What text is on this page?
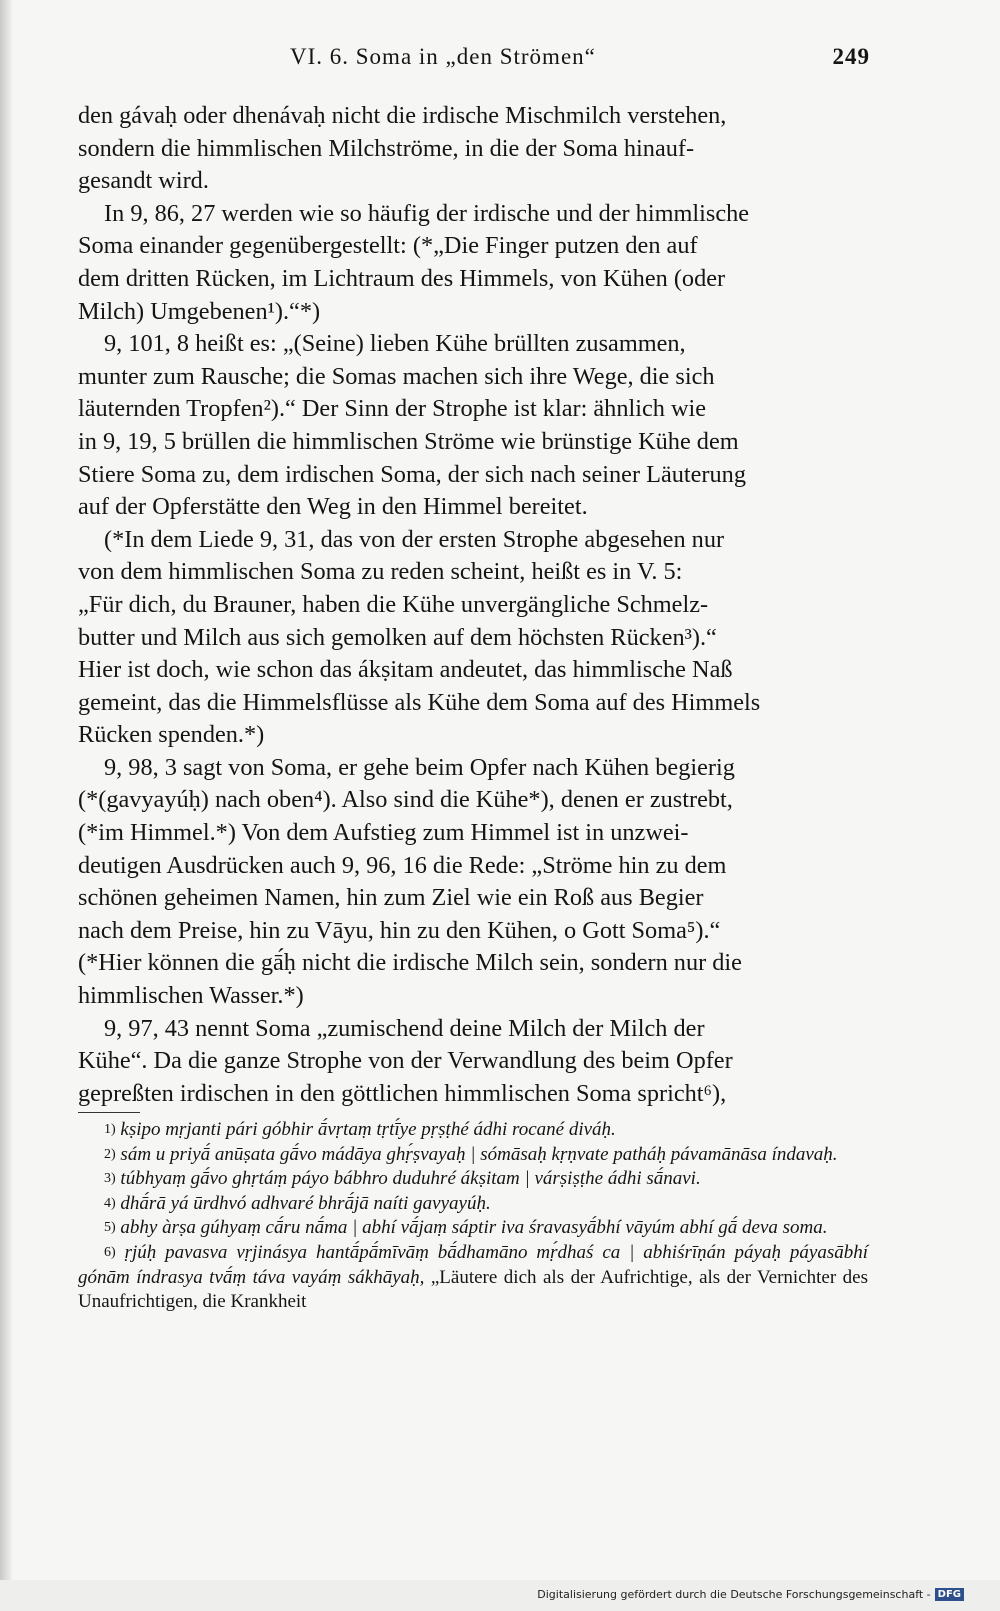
VI. 6. Soma in „den Strömen“	249

den gávaḥ oder dhenávaḥ nicht die irdische Mischmilch verstehen,

sondern die himmlischen Milchströme, in die der Soma hinauf-

gesandt wird.

In 9, 86, 27 werden wie so häufig der irdische und der himmlische

Soma einander gegenübergestellt: (*„Die Finger putzen den auf

dem dritten Rücken, im Lichtraum des Himmels, von Kühen (oder

Milch) Umgebenen¹).“*)

9, 101, 8 heißt es: „(Seine) lieben Kühe brüllten zusammen,

munter zum Rausche; die Somas machen sich ihre Wege, die sich

läuternden Tropfen²).“ Der Sinn der Strophe ist klar: ähnlich wie

in 9, 19, 5 brüllen die himmlischen Ströme wie brünstige Kühe dem

Stiere Soma zu, dem irdischen Soma, der sich nach seiner Läuterung

auf der Opferstätte den Weg in den Himmel bereitet.

(*In dem Liede 9, 31, das von der ersten Strophe abgesehen nur

von dem himmlischen Soma zu reden scheint, heißt es in V. 5:

„Für dich, du Brauner, haben die Kühe unvergängliche Schmelz-

butter und Milch aus sich gemolken auf dem höchsten Rücken³).“

Hier ist doch, wie schon das ákṣitam andeutet, das himmlische Naß

gemeint, das die Himmelsflüsse als Kühe dem Soma auf des Himmels

Rücken spenden.*)

9, 98, 3 sagt von Soma, er gehe beim Opfer nach Kühen begierig

(*(gavyayúḥ) nach oben⁴). Also sind die Kühe*), denen er zustrebt,

(*im Himmel.*) Von dem Aufstieg zum Himmel ist in unzwei-

deutigen Ausdrücken auch 9, 96, 16 die Rede: „Ströme hin zu dem

schönen geheimen Namen, hin zum Ziel wie ein Roß aus Begier

nach dem Preise, hin zu Vāyu, hin zu den Kühen, o Gott Soma⁵).“

(*Hier können die gā́ḥ nicht die irdische Milch sein, sondern nur die

himmlischen Wasser.*)

9, 97, 43 nennt Soma „zumischend deine Milch der Milch der

Kühe“. Da die ganze Strophe von der Verwandlung des beim Opfer

gepreßten irdischen in den göttlichen himmlischen Soma spricht⁶),

$^{1)}$ kṣipo mṛjanti pári góbhir ā́vṛtaṃ tṛtī́ye pṛṣṭhé ádhi rocané diváḥ.

$^{2)}$ sám u priyā́ anūṣata gā́vo mádāya ghṛ́ṣvayaḥ | sómāsaḥ kṛṇvate patháḥ pávamānāsa índavaḥ.

$^{3)}$ túbhyaṃ gā́vo ghṛtáṃ páyo bábhro duduhré ákṣitam | várṣiṣṭhe ádhi sā́navi.

$^{4)}$ dhā́rā yá ūrdhvó adhvaré bhrā́jā naíti gavyayúḥ.

$^{5)}$ abhy àrṣa gúhyaṃ cā́ru nā́ma | abhí vā́jaṃ sáptir iva śravasyā́bhí vāyúm abhí gā́ deva soma.

$^{6)}$ ṛjúḥ pavasva vṛjinásya hantā́pā́mīvāṃ bā́dhamāno mṛ́dhaś ca | abhiśrīṇán páyaḥ páyasābhí gónām índrasya tvā́ṃ táva vayáṃ sákhāyaḥ, „Läutere dich als der Aufrichtige, als der Vernichter des Unaufrichtigen, die Krankheit

Digitalisierung gefördert durch die Deutsche Forschungsgemeinschaft - DFG
